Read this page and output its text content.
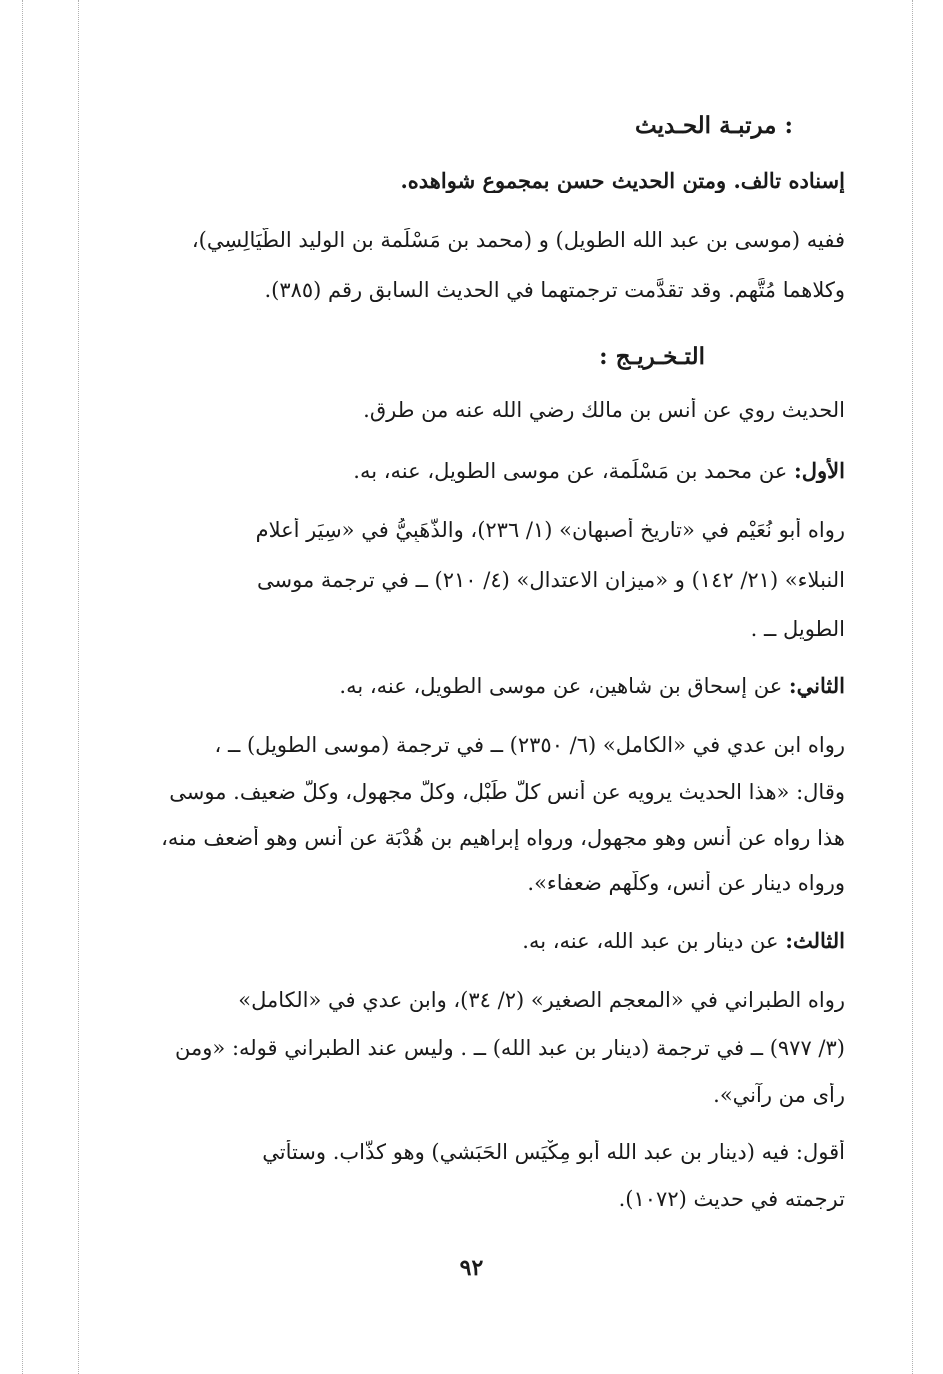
مرتبـة الحـديث :
إسناده تالف. ومتن الحديث حسن بمجموع شواهده.
ففيه (موسى بن عبد الله الطويل) و (محمد بن مَسْلَمة بن الوليد الطَّيَالِسِي)،
وكلاهما مُتَّهم. وقد تقدَّمت ترجمتهما في الحديث السابق رقم (٣٨٥).
التـخـريـج :
الحديث روي عن أنس بن مالك رضي الله عنه من طرق.
الأول: عن محمد بن مَسْلَمة، عن موسى الطويل، عنه، به.
رواه أبو نُعَيْم في «تاريخ أصبهان» (١/ ٢٣٦)، والذَّهَبِيُّ في «سِيَر أعلام
النبلاء» (٢١/ ١٤٢) و «ميزان الاعتدال» (٤/ ٢١٠) ــ في ترجمة موسى
الطويل ــ .
الثاني: عن إسحاق بن شاهين، عن موسى الطويل، عنه، به.
رواه ابن عدي في «الكامل» (٦/ ٢٣٥٠) ــ في ترجمة (موسى الطويل) ــ ،
وقال: «هذا الحديث يرويه عن أنس كلُّ طَبْلٍ، وكلُّ مجهول، وكلُّ ضعيف. موسى
هذا رواه عن أنس وهو مجهول، ورواه إبراهيم بن هُدْبَة عن أنس وهو أضعف منه،
ورواه دينار عن أنس، وكلُّهم ضعفاء».
الثالث: عن دينار بن عبد الله، عنه، به.
رواه الطبراني في «المعجم الصغير» (٢/ ٣٤)، وابن عدي في «الكامل»
(٣/ ٩٧٧) ــ في ترجمة (دينار بن عبد الله) ــ . وليس عند الطبراني قوله: «ومن
رأى من رآني».
أقول: فيه (دينار بن عبد الله أبو مِكْيَس الحَبَشي) وهو كذَّاب. وستأتي
ترجمته في حديث (١٠٧٢).
٩٢
